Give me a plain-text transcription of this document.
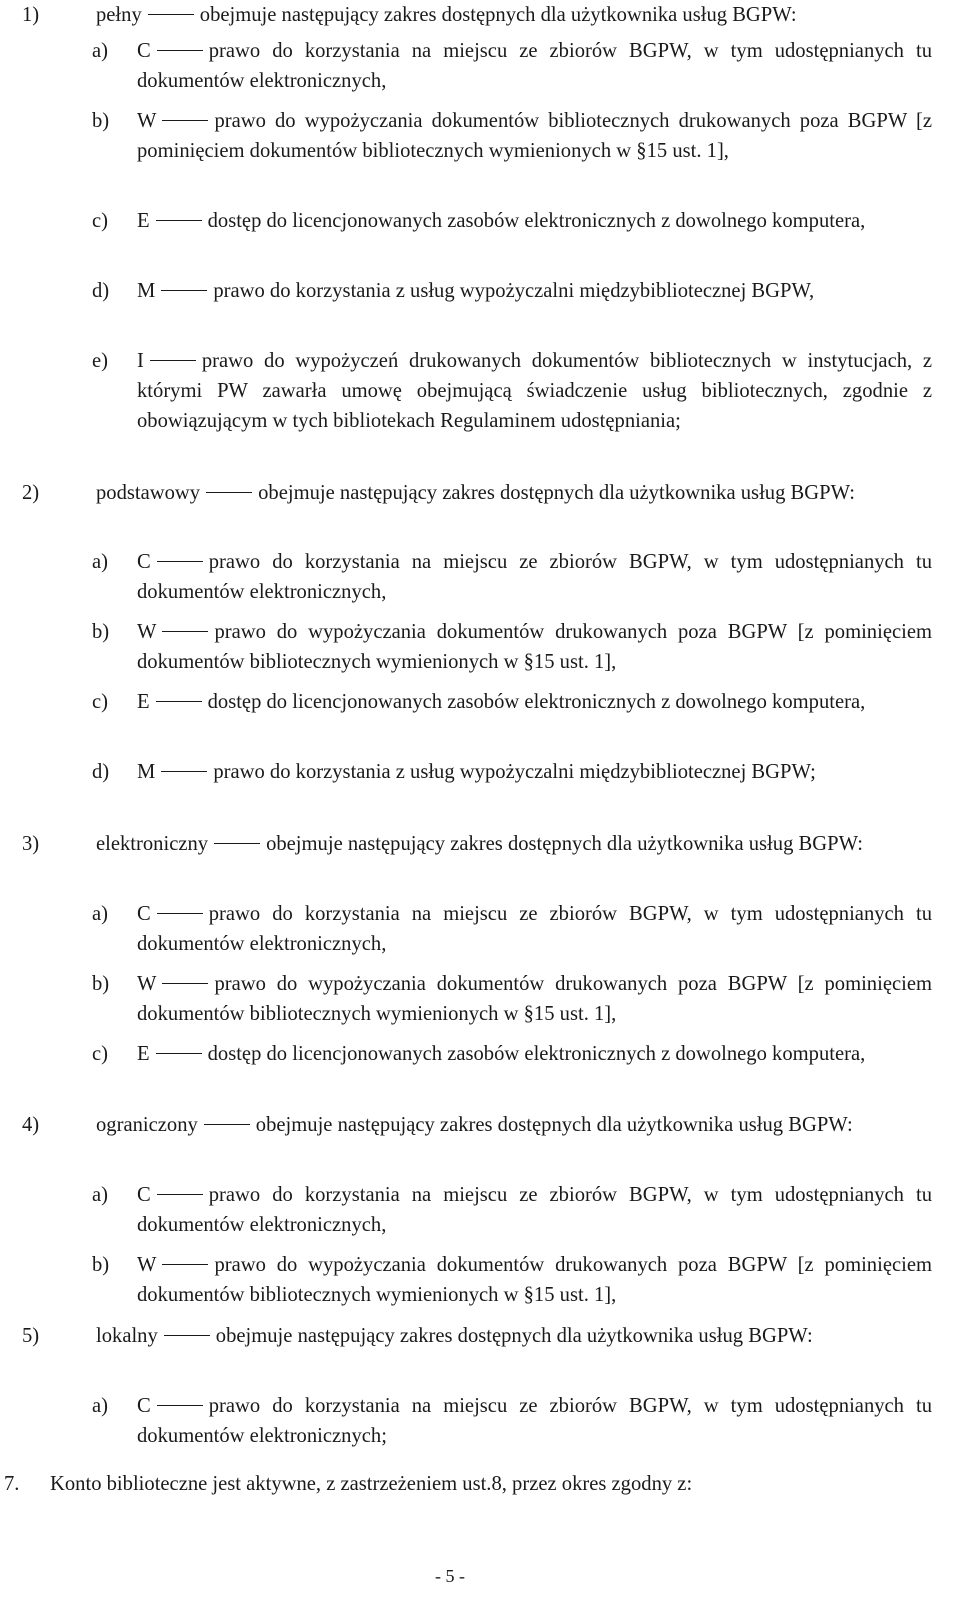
1)	pełny	obejmuje następujący zakres dostępnych dla użytkownika usług BGPW:
a)	C	prawo do korzystania na miejscu ze zbiorów BGPW, w tym udostępnianych tu dokumentów elektronicznych,
b)	W	prawo do wypożyczania dokumentów bibliotecznych drukowanych poza BGPW [z pominięciem dokumentów bibliotecznych wymienionych w §15 ust. 1],
c)	E	dostęp do licencjonowanych zasobów elektronicznych z dowolnego komputera,
d)	M	prawo do korzystania z usług wypożyczalni międzybibliotecznej BGPW,
e)	I	prawo do wypożyczeń drukowanych dokumentów bibliotecznych w instytucjach, z którymi PW zawarła umowę obejmującą świadczenie usług bibliotecznych, zgodnie z obowiązującym w tych bibliotekach Regulaminem udostępniania;
2)	podstawowy	obejmuje następujący zakres dostępnych dla użytkownika usług BGPW:
a)	C	prawo do korzystania na miejscu ze zbiorów BGPW, w tym udostępnianych tu dokumentów elektronicznych,
b)	W	prawo do wypożyczania dokumentów drukowanych poza BGPW [z pominięciem dokumentów bibliotecznych wymienionych w §15 ust. 1],
c)	E	dostęp do licencjonowanych zasobów elektronicznych z dowolnego komputera,
d)	M	prawo do korzystania z usług wypożyczalni międzybibliotecznej BGPW;
3)	elektroniczny	obejmuje następujący zakres dostępnych dla użytkownika usług BGPW:
a)	C	prawo do korzystania na miejscu ze zbiorów BGPW, w tym udostępnianych tu dokumentów elektronicznych,
b)	W	prawo do wypożyczania dokumentów drukowanych poza BGPW [z pominięciem dokumentów bibliotecznych wymienionych w §15 ust. 1],
c)	E	dostęp do licencjonowanych zasobów elektronicznych z dowolnego komputera,
4)	ograniczony	obejmuje następujący zakres dostępnych dla użytkownika usług BGPW:
a)	C	prawo do korzystania na miejscu ze zbiorów BGPW, w tym udostępnianych tu dokumentów elektronicznych,
b)	W	prawo do wypożyczania dokumentów drukowanych poza BGPW [z pominięciem dokumentów bibliotecznych wymienionych w §15 ust. 1],
5)	lokalny	obejmuje następujący zakres dostępnych dla użytkownika usług BGPW:
a)	C	prawo do korzystania na miejscu ze zbiorów BGPW, w tym udostępnianych tu dokumentów elektronicznych;
7. Konto biblioteczne jest aktywne, z zastrzeżeniem ust.8, przez okres zgodny z:
- 5 -
